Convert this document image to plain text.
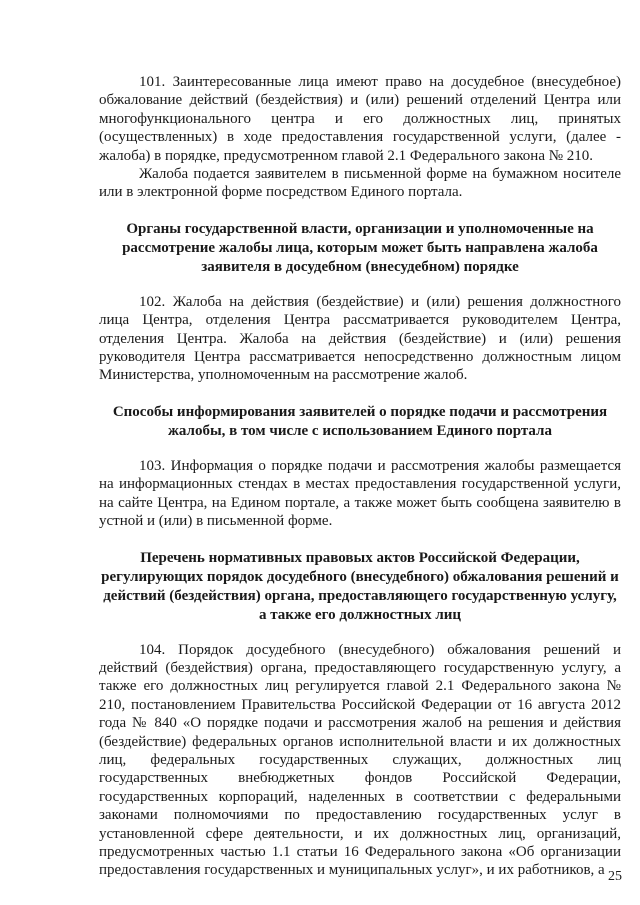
101. Заинтересованные лица имеют право на досудебное (внесудебное) обжалование действий (бездействия) и (или) решений отделений Центра или многофункционального центра и его должностных лиц, принятых (осуществленных) в ходе предоставления государственной услуги, (далее - жалоба) в порядке, предусмотренном главой 2.1 Федерального закона № 210.

Жалоба подается заявителем в письменной форме на бумажном носителе или в электронной форме посредством Единого портала.

Органы государственной власти, организации и уполномоченные на рассмотрение жалобы лица, которым может быть направлена жалоба заявителя в досудебном (внесудебном) порядке

102. Жалоба на действия (бездействие) и (или) решения должностного лица Центра, отделения Центра рассматривается руководителем Центра, отделения Центра. Жалоба на действия (бездействие) и (или) решения руководителя Центра рассматривается непосредственно должностным лицом Министерства, уполномоченным на рассмотрение жалоб.

Способы информирования заявителей о порядке подачи и рассмотрения жалобы, в том числе с использованием Единого портала

103. Информация о порядке подачи и рассмотрения жалобы размещается на информационных стендах в местах предоставления государственной услуги, на сайте Центра, на Едином портале, а также может быть сообщена заявителю в устной и (или) в письменной форме.

Перечень нормативных правовых актов Российской Федерации, регулирующих порядок досудебного (внесудебного) обжалования решений и действий (бездействия) органа, предоставляющего государственную услугу, а также его должностных лиц

104. Порядок досудебного (внесудебного) обжалования решений и действий (бездействия) органа, предоставляющего государственную услугу, а также его должностных лиц регулируется главой 2.1 Федерального закона № 210, постановлением Правительства Российской Федерации от 16 августа 2012 года № 840 «О порядке подачи и рассмотрения жалоб на решения и действия (бездействие) федеральных органов исполнительной власти и их должностных лиц, федеральных государственных служащих, должностных лиц государственных внебюджетных фондов Российской Федерации, государственных корпораций, наделенных в соответствии с федеральными законами полномочиями по предоставлению государственных услуг в установленной сфере деятельности, и их должностных лиц, организаций, предусмотренных частью 1.1 статьи 16 Федерального закона «Об организации предоставления государственных и муниципальных услуг», и их работников, а 25
